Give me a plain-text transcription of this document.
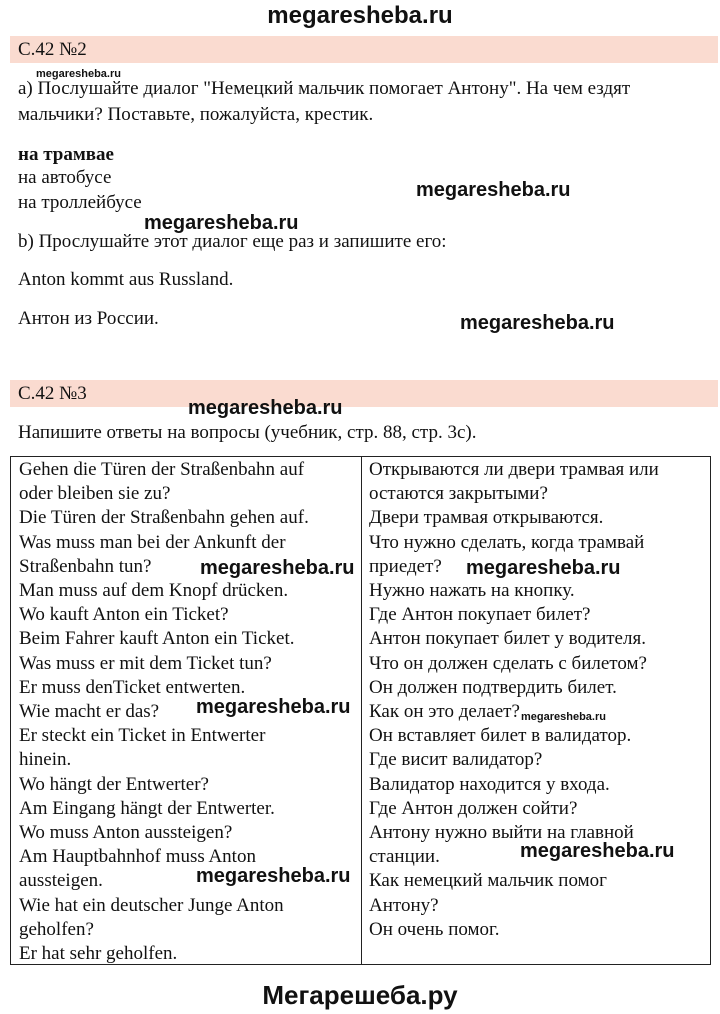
megaresheba.ru
С.42 №2
megaresheba.ru
а) Послушайте диалог "Немецкий мальчик помогает Антону". На чем ездят
мальчики? Поставьте, пожалуйста, крестик.
на трамвае
на автобусе
megaresheba.ru
на троллейбусе
megaresheba.ru
b) Прослушайте этот диалог еще раз и запишите его:
Anton kommt aus Russland.
Антон из России.	megaresheba.ru
С.42 №3
megaresheba.ru
Напишите ответы на вопросы (учебник, стр. 88, стр. 3с).
Gehen die Türen der Straßenbahn auf
oder bleiben sie zu?
Die Türen der Straßenbahn gehen auf.
Was muss man bei der Ankunft der
Straßenbahn tun?
Man muss auf dem Knopf drücken.
Wo kauft Anton ein Ticket?
Beim Fahrer kauft Anton ein Ticket.
Was muss er mit dem Ticket tun?
Er muss denTicket entwerten.
Wie macht er das?
Er steckt ein Ticket in Entwerter
hinein.
Wo hängt der Entwerter?
Am Eingang hängt der Entwerter.
Wo muss Anton aussteigen?
Am Hauptbahnhof muss Anton
aussteigen.
Wie hat ein deutscher Junge Anton
geholfen?
Er hat sehr geholfen.
Открываются ли двери трамвая или
остаются закрытыми?
Двери трамвая открываются.
Что нужно сделать, когда трамвай
приедет?
Нужно нажать на кнопку.
Где Антон покупает билет?
Антон покупает билет у водителя.
Что он должен сделать с билетом?
Он должен подтвердить билет.
Как он это делает?
Он вставляет билет в валидатор.
Где висит валидатор?
Валидатор находится у входа.
Где Антон должен сойти?
Антону нужно выйти на главной
станции.
Как немецкий мальчик помог
Антону?
Он очень помог.
megaresheba.ru	megaresheba.ru
megaresheba.ru	megaresheba.ru
megaresheba.ru
megaresheba.ru
Мегарешеба.ру
